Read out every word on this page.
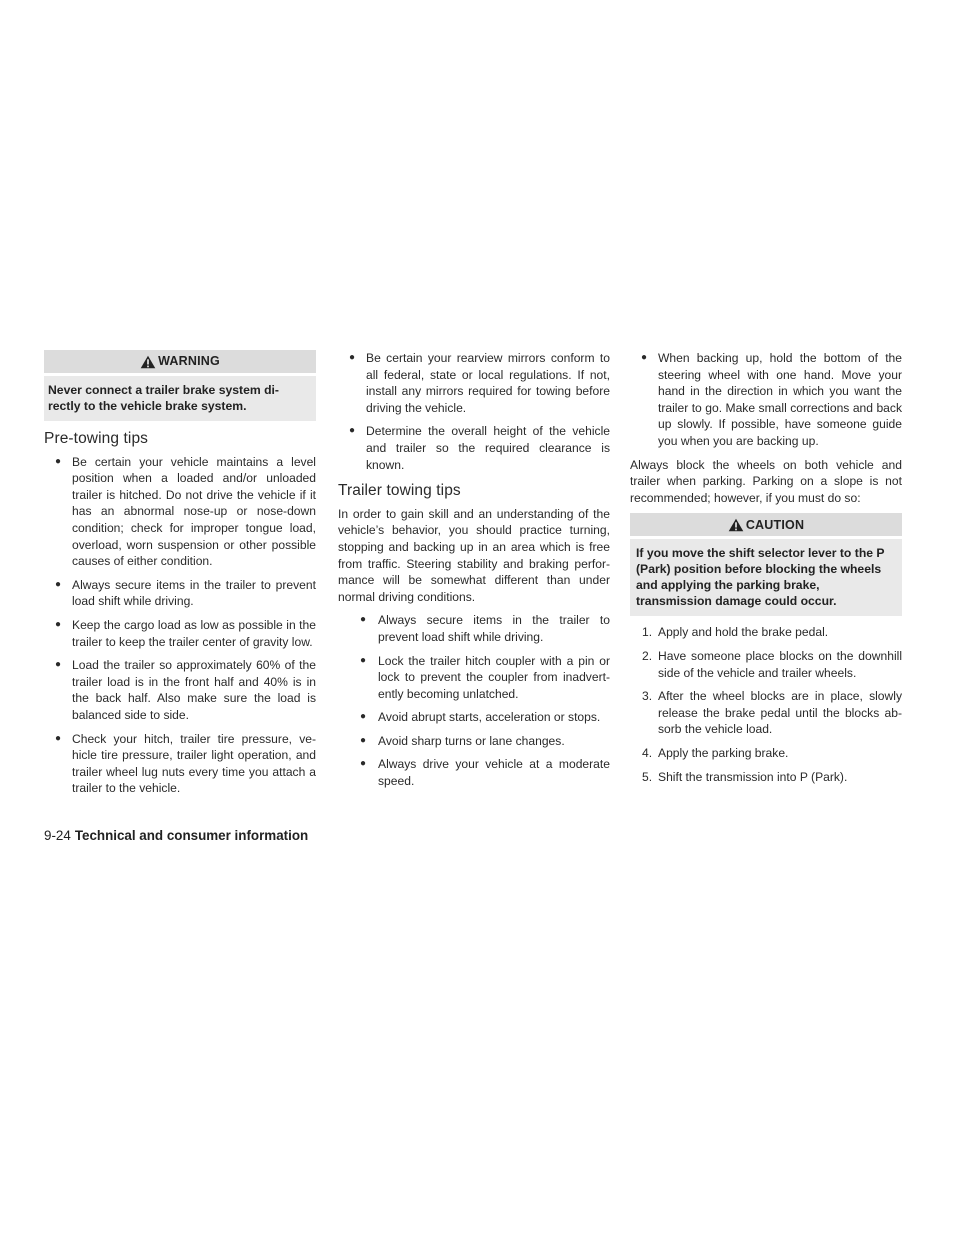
WARNING
Never connect a trailer brake system di-rectly to the vehicle brake system.
Pre-towing tips
● Be certain your vehicle maintains a level position when a loaded and/or unloaded trailer is hitched. Do not drive the vehicle if it has an abnormal nose-up or nose-down condition; check for improper tongue load, overload, worn suspension or other possible causes of either condition.
● Always secure items in the trailer to prevent load shift while driving.
● Keep the cargo load as low as possible in the trailer to keep the trailer center of gravity low.
● Load the trailer so approximately 60% of the trailer load is in the front half and 40% is in the back half. Also make sure the load is balanced side to side.
● Check your hitch, trailer tire pressure, ve-hicle tire pressure, trailer light operation, and trailer wheel lug nuts every time you attach a trailer to the vehicle.
● Be certain your rearview mirrors conform to all federal, state or local regulations. If not, install any mirrors required for towing before driving the vehicle.
● Determine the overall height of the vehicle and trailer so the required clearance is known.
Trailer towing tips

In order to gain skill and an understanding of the vehicle’s behavior, you should practice turning, stopping and backing up in an area which is free from traffic. Steering stability and braking perfor-mance will be somewhat different than under normal driving conditions.

● Always secure items in the trailer to prevent load shift while driving.
● Lock the trailer hitch coupler with a pin or lock to prevent the coupler from inadvert-ently becoming unlatched.
● Avoid abrupt starts, acceleration or stops.
● Avoid sharp turns or lane changes.
● Always drive your vehicle at a moderate speed.
● When backing up, hold the bottom of the steering wheel with one hand. Move your hand in the direction in which you want the trailer to go. Make small corrections and back up slowly. If possible, have someone guide you when you are backing up.

Always block the wheels on both vehicle and trailer when parking. Parking on a slope is not recommended; however, if you must do so:

CAUTION
If you move the shift selector lever to the P (Park) position before blocking the wheels and applying the parking brake, transmission damage could occur.
1. Apply and hold the brake pedal.
2. Have someone place blocks on the downhill side of the vehicle and trailer wheels.
3. After the wheel blocks are in place, slowly release the brake pedal until the blocks ab-sorb the vehicle load.
4. Apply the parking brake.
5. Shift the transmission into P (Park).
9-24 Technical and consumer information
